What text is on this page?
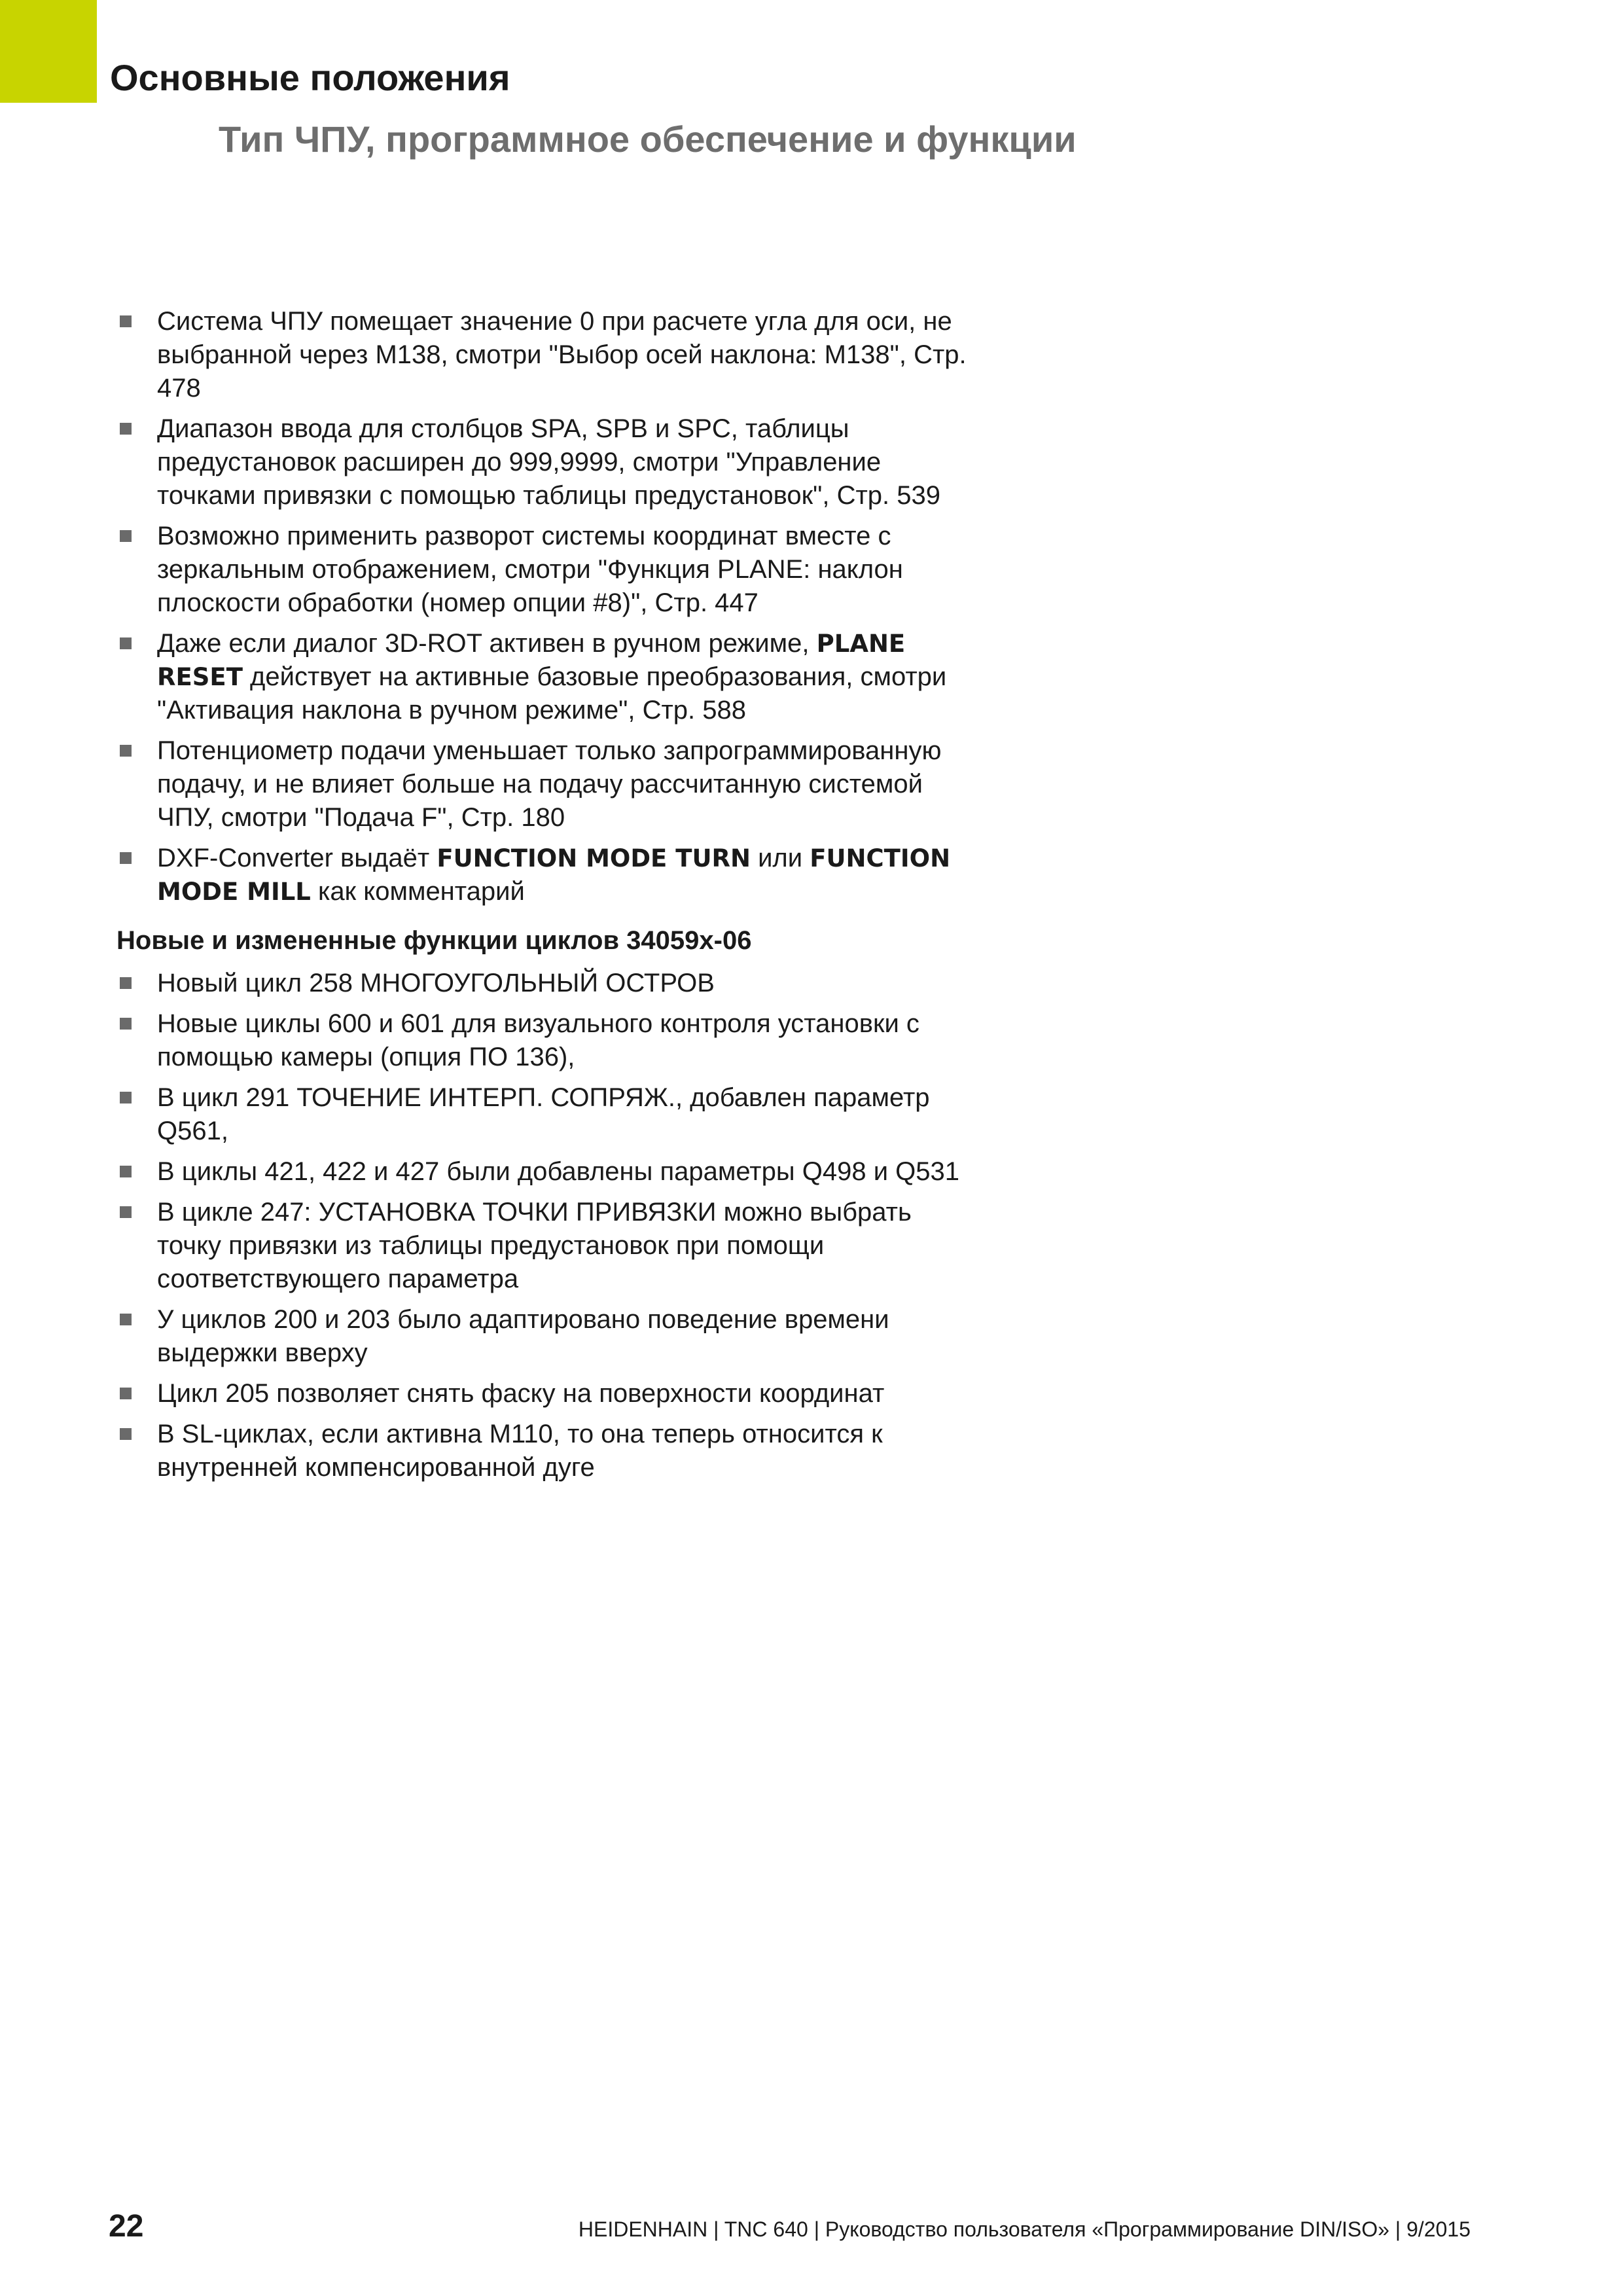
Основные положения
Тип ЧПУ, программное обеспечение и функции
Система ЧПУ помещает значение 0 при расчете угла для оси, не выбранной через M138, смотри "Выбор осей наклона: M138", Стр. 478
Диапазон ввода для столбцов SPA, SPB и SPC, таблицы предустановок расширен до 999,9999, смотри "Управление точками привязки с помощью таблицы предустановок", Стр. 539
Возможно применить разворот системы координат вместе с зеркальным отображением, смотри "Функция PLANE: наклон плоскости обработки (номер опции #8)", Стр. 447
Даже если диалог 3D-ROT активен в ручном режиме, PLANE RESET действует на активные базовые преобразования, смотри "Активация наклона в ручном режиме", Стр. 588
Потенциометр подачи уменьшает только запрограммированную подачу, и не влияет больше на подачу рассчитанную системой ЧПУ, смотри "Подача F", Стр. 180
DXF-Converter выдаёт FUNCTION MODE TURN или FUNCTION MODE MILL как комментарий
Новые и измененные функции циклов 34059x-06
Новый цикл 258 МНОГОУГОЛЬНЫЙ ОСТРОВ
Новые циклы 600 и 601 для визуального контроля установки с помощью камеры (опция ПО 136),
В цикл 291 ТОЧЕНИЕ ИНТЕРП. СОПРЯЖ., добавлен параметр Q561,
В циклы 421, 422 и 427 были добавлены параметры Q498 и Q531
В цикле 247: УСТАНОВКА ТОЧКИ ПРИВЯЗКИ можно выбрать точку привязки из таблицы предустановок при помощи соответствующего параметра
У циклов 200 и 203 было адаптировано поведение времени выдержки вверху
Цикл 205 позволяет снять фаску на поверхности координат
В SL-циклах, если активна M110, то она теперь относится к внутренней компенсированной дуге
22	HEIDENHAIN | TNC 640 | Руководство пользователя «Программирование DIN/ISO» | 9/2015
